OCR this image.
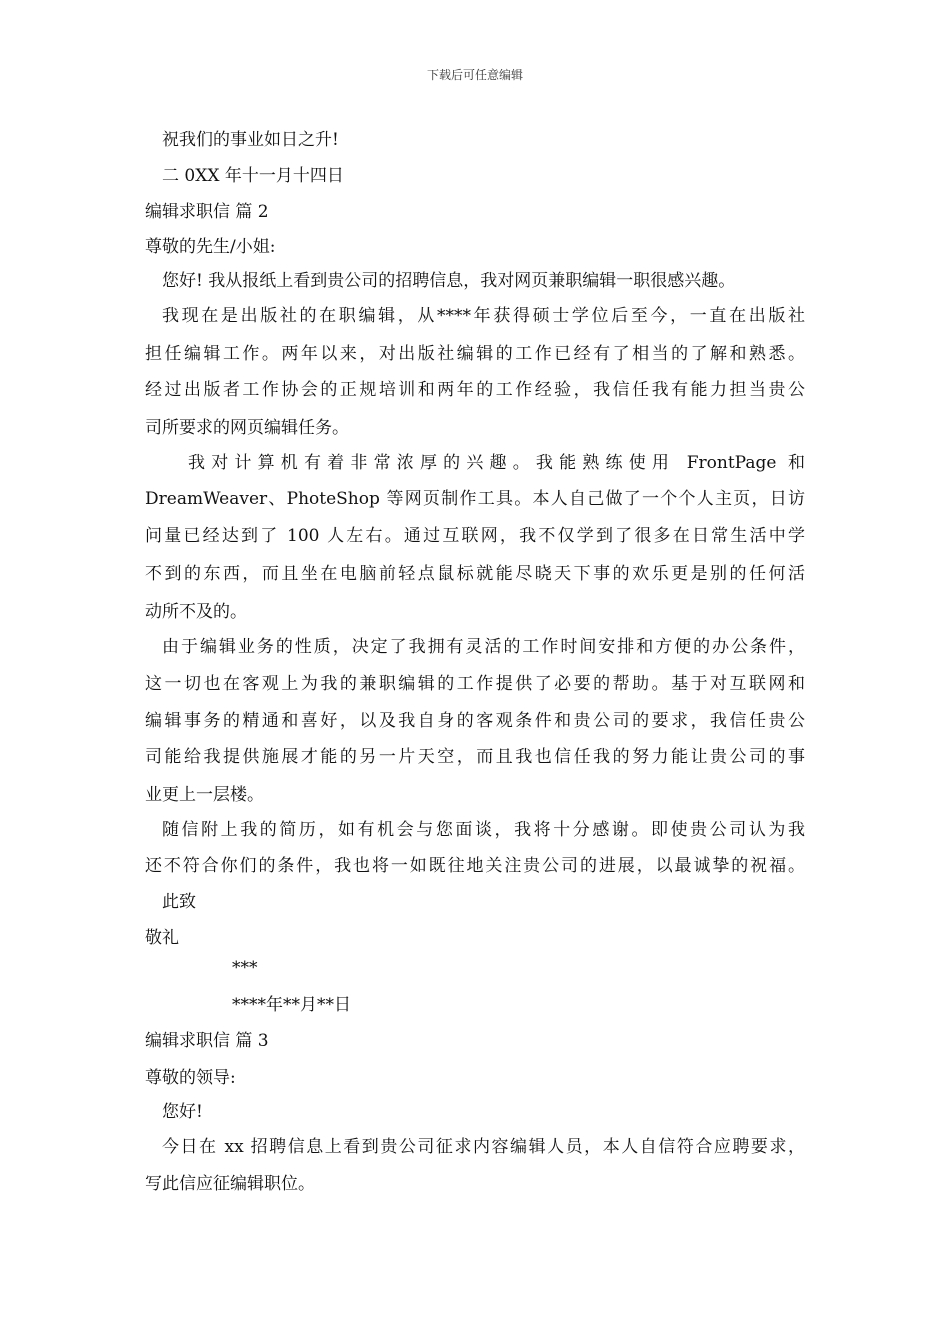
下载后可任意编辑
祝我们的事业如日之升!
二 0XX 年十一月十四日
编辑求职信 篇 2
尊敬的先生/小姐:
您好! 我从报纸上看到贵公司的招聘信息，我对网页兼职编辑一职很感兴趣。
我现在是出版社的在职编辑，从****年获得硕士学位后至今，一直在出版社
担任编辑工作。两年以来，对出版社编辑的工作已经有了相当的了解和熟悉。
经过出版者工作协会的正规培训和两年的工作经验，我信任我有能力担当贵公
司所要求的网页编辑任务。
我对计算机有着非常浓厚的兴趣。我能熟练使用 FrontPage 和
DreamWeaver、PhoteShop 等网页制作工具。本人自己做了一个个人主页，日访
问量已经达到了 100 人左右。通过互联网，我不仅学到了很多在日常生活中学
不到的东西，而且坐在电脑前轻点鼠标就能尽晓天下事的欢乐更是别的任何活
动所不及的。
由于编辑业务的性质，决定了我拥有灵活的工作时间安排和方便的办公条件，
这一切也在客观上为我的兼职编辑的工作提供了必要的帮助。基于对互联网和
编辑事务的精通和喜好，以及我自身的客观条件和贵公司的要求，我信任贵公
司能给我提供施展才能的另一片天空，而且我也信任我的努力能让贵公司的事
业更上一层楼。
随信附上我的简历，如有机会与您面谈，我将十分感谢。即使贵公司认为我
还不符合你们的条件，我也将一如既往地关注贵公司的进展，以最诚挚的祝福。
此致
敬礼
***
****年**月**日
编辑求职信 篇 3
尊敬的领导:
您好!
今日在 xx 招聘信息上看到贵公司征求内容编辑人员，本人自信符合应聘要求，
写此信应征编辑职位。
